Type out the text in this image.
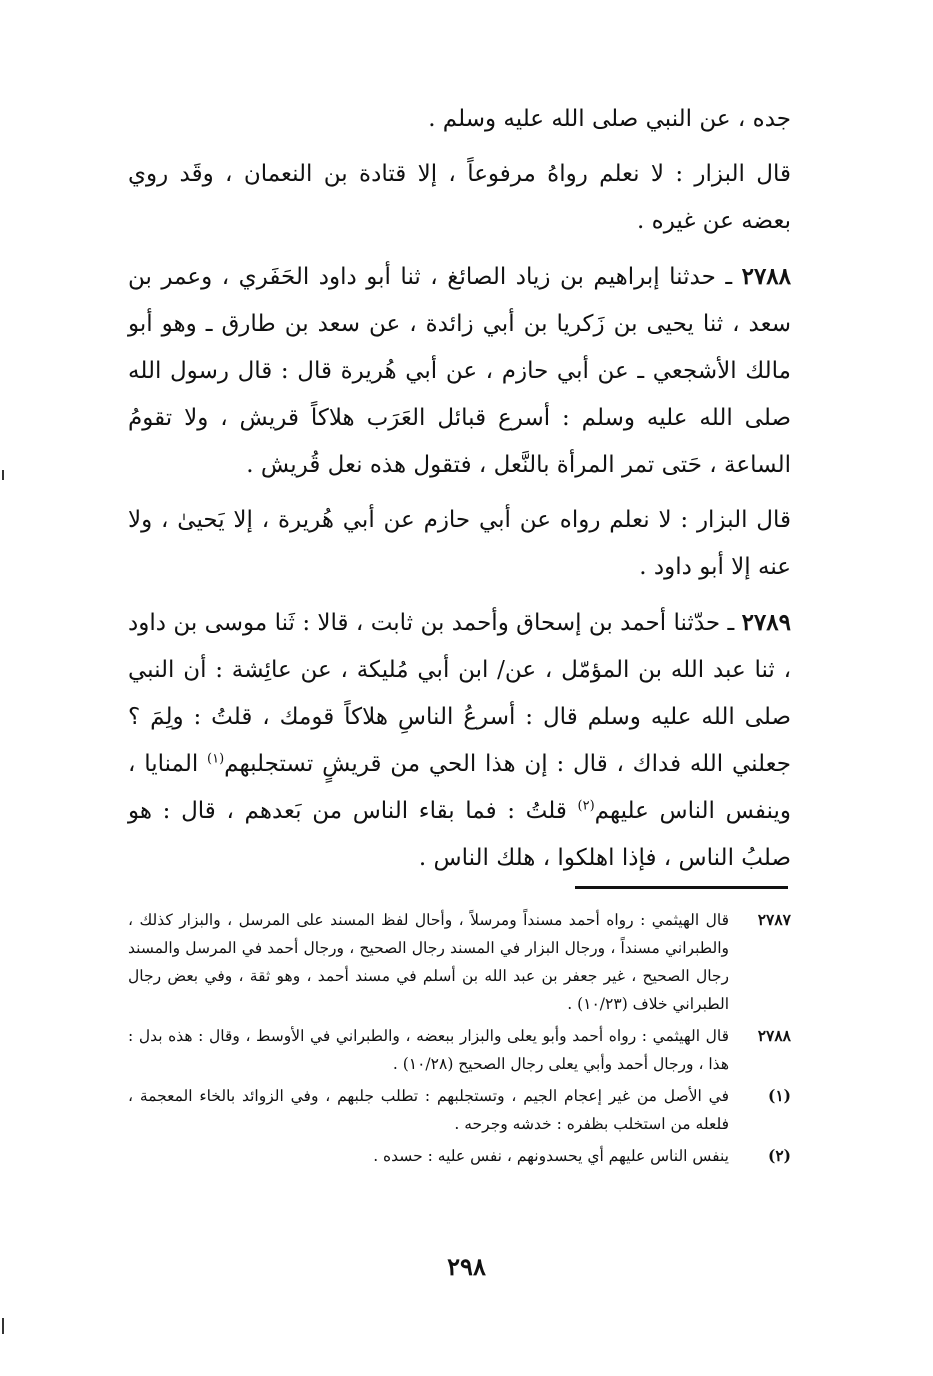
جده ، عن النبي صلى الله عليه وسلم .

قال البزار : لا نعلم رواهُ مرفوعاً ، إلا قتادة بن النعمان ، وقَد روي بعضه عن غيره .

٢٧٨٨ ـ حدثنا إبراهيم بن زياد الصائغ ، ثنا أبو داود الحَفَري ، وعمر بن سعد ، ثنا يحيى بن زَكريا بن أبي زائدة ، عن سعد بن طارق ـ وهو أبو مالك الأشجعي ـ عن أبي حازم ، عن أبي هُريرة قال : قال رسول الله صلى الله عليه وسلم : أسرع قبائل العَرَب هلاكاً قريش ، ولا تقومُ الساعة ، حَتى تمر المرأة بالنَّعل ، فتقول هذه نعل قُريش .

قال البزار : لا نعلم رواه عن أبي حازم عن أبي هُريرة ، إلا يَحيىٰ ، ولا عنه إلا أبو داود .

٢٧٨٩ ـ حدّثنا أحمد بن إسحاق وأحمد بن ثابت ، قالا : ثَنا موسى بن داود ، ثنا عبد الله بن المؤمّل ، عن/ ابن أبي مُليكة ، عن عائِشة : أن النبي صلى الله عليه وسلم قال : أسرعُ الناسِ هلاكاً قومك ، قلتُ : ولِمَ ؟ جعلني الله فداك ، قال : إن هذا الحي من قريشٍ تستجلبهم$^{(١)}$ المنايا ، وينفس الناس عليهم$^{(٢)}$ قلتُ : فما بقاء الناس من بَعدهم ، قال : هو صلبُ الناس ، فإذا اهلكوا ، هلك الناس .

٢٧٨٧
قال الهيثمي : رواه أحمد مسنداً ومرسلاً ، وأحال لفظ المسند على المرسل ، والبزار كذلك ، والطبراني مسنداً ، ورجال البزار في المسند رجال الصحيح ، ورجال أحمد في المرسل والمسند رجال الصحيح ، غير جعفر بن عبد الله بن أسلم في مسند أحمد ، وهو ثقة ، وفي بعض رجال الطبراني خلاف (١٠/٢٣) .
٢٧٨٨
قال الهيثمي : رواه أحمد وأبو يعلى والبزار ببعضه ، والطبراني في الأوسط ، وقال : هذه بدل : هذا ، ورجال أحمد وأبي يعلى رجال الصحيح (١٠/٢٨) .
(١)
في الأصل من غير إعجام الجيم ، وتستجلبهم : تطلب جلبهم ، وفي الزوائد بالخاء المعجمة ، فلعله من استخلب بظفره : خدشه وجرحه .
(٢)
ينفس الناس عليهم أي يحسدونهم ، نفس عليه : حسده .
٢٩٨
